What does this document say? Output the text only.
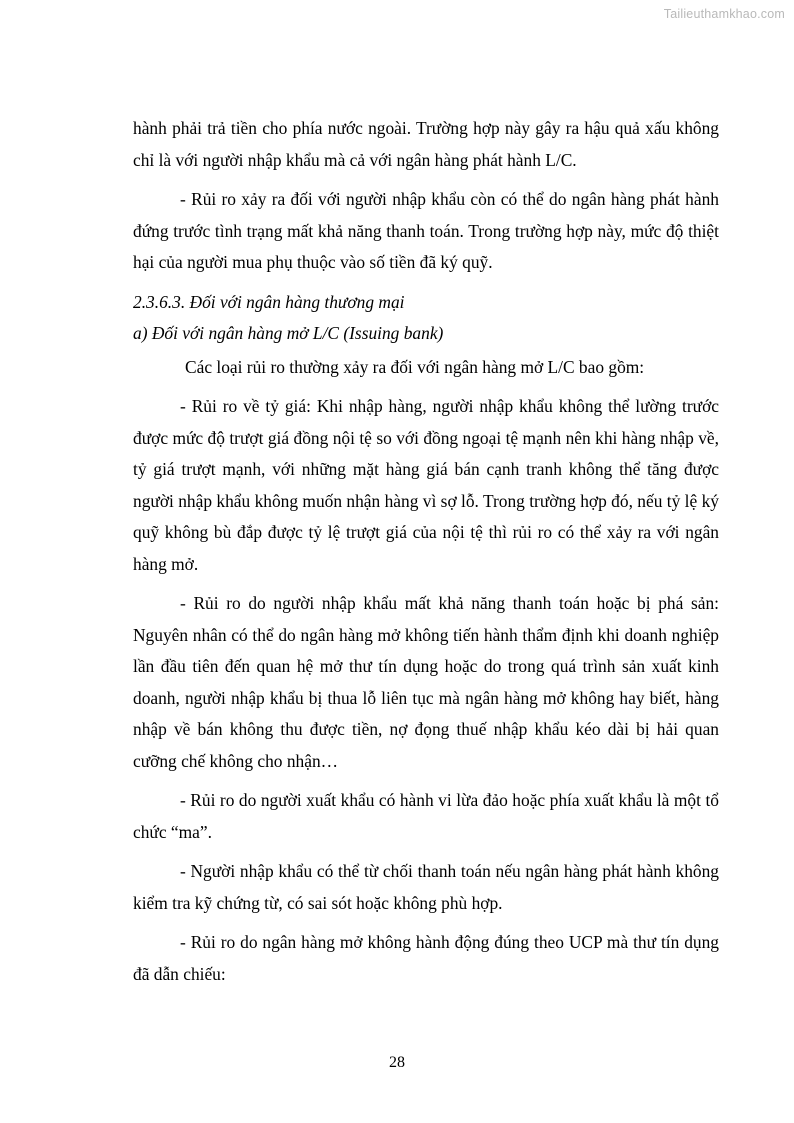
Tailieuthamkhao.com

hành phải trả tiền cho phía nước ngoài. Trường hợp này gây ra hậu quả xấu không chỉ là với người nhập khẩu mà cả với ngân hàng phát hành L/C.

- Rủi ro xảy ra đối với người nhập khẩu còn có thể do ngân hàng phát hành đứng trước tình trạng mất khả năng thanh toán. Trong trường hợp này, mức độ thiệt hại của người mua phụ thuộc vào số tiền đã ký quỹ.

2.3.6.3. Đối với ngân hàng thương mại

a) Đối với ngân hàng mở L/C (Issuing bank)

Các loại rủi ro thường xảy ra đối với ngân hàng mở L/C bao gồm:

- Rủi ro về tỷ giá: Khi nhập hàng, người nhập khẩu không thể lường trước được mức độ trượt giá đồng nội tệ so với đồng ngoại tệ mạnh nên khi hàng nhập về, tỷ giá trượt mạnh, với những mặt hàng giá bán cạnh tranh không thể tăng được người nhập khẩu không muốn nhận hàng vì sợ lỗ. Trong trường hợp đó, nếu tỷ lệ ký quỹ không bù đắp được tỷ lệ trượt giá của nội tệ thì rủi ro có thể xảy ra với ngân hàng mở.

- Rủi ro do người nhập khẩu mất khả năng thanh toán hoặc bị phá sản: Nguyên nhân có thể do ngân hàng mở không tiến hành thẩm định khi doanh nghiệp lần đầu tiên đến quan hệ mở thư tín dụng hoặc do trong quá trình sản xuất kinh doanh, người nhập khẩu bị thua lỗ liên tục mà ngân hàng mở không hay biết, hàng nhập về bán không thu được tiền, nợ đọng thuế nhập khẩu kéo dài bị hải quan cưỡng chế không cho nhận…

- Rủi ro do người xuất khẩu có hành vi lừa đảo hoặc phía xuất khẩu là một tổ chức “ma”.

- Người nhập khẩu có thể từ chối thanh toán nếu ngân hàng phát hành không kiểm tra kỹ chứng từ, có sai sót hoặc không phù hợp.

- Rủi ro do ngân hàng mở không hành động đúng theo UCP mà thư tín dụng đã dẫn chiếu:

28
